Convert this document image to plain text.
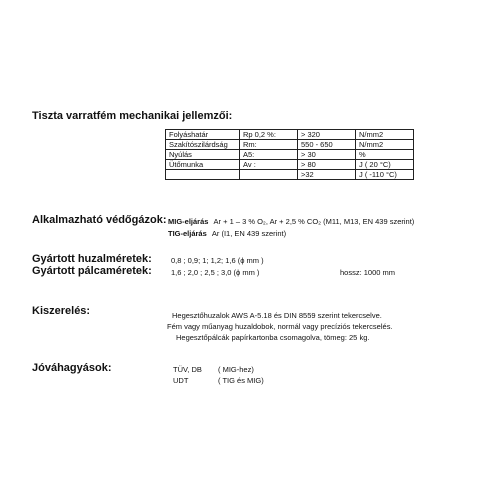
Tiszta varratfém mechanikai jellemzői:
Folyáshatár	Rp 0,2 %:	> 320	N/mm2
Szakítószilárdság	Rm:	550 - 650	N/mm2
Nyúlás	A5:	> 30	%
Ütőmunka	Av :	> 80	J ( 20 °C)
		>32	J ( -110 °C)
Alkalmazható védőgázok: MIG-eljárás Ar + 1 – 3 % O₂, Ar + 2,5 % CO₂ (M11, M13, EN 439 szerint)
TIG-eljárás Ar (I1, EN 439 szerint)
Gyártott huzalméretek:	0,8 ; 0,9; 1; 1,2; 1,6 (ϕ mm )
Gyártott pálcaméretek:	1,6 ; 2,0 ; 2,5 ; 3,0 (ϕ mm )	hossz: 1000 mm
Kiszerelés:	Hegesztőhuzalok AWS A-5.18 és DIN 8559 szerint tekercselve.
Fém vagy műanyag huzaldobok, normál vagy precíziós tekercselés.
Hegesztőpálcák papírkartonba csomagolva, tömeg: 25 kg.
Jóváhagyások:	TÜV, DB ( MIG-hez)
UDT	( TIG és MIG)
